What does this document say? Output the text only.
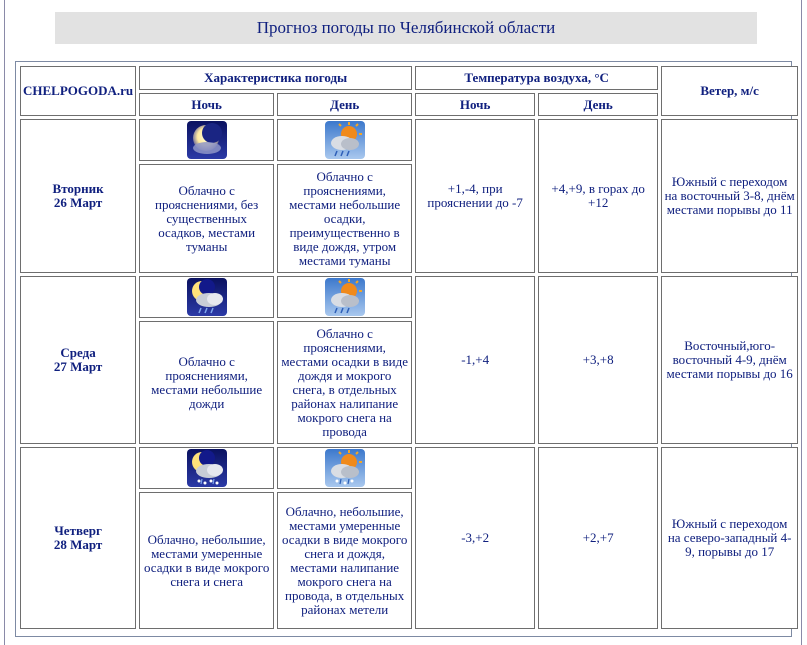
Прогноз погоды по Челябинской области
CHELPOGODA.ru	Характеристика погоды		Температура воздуха, °C		Ветер, м/с
	Ночь	День	Ночь	День	

Вторник
26 Март			+1,-4, при прояснении до -7	+4,+9, в горах до +12	Южный с переходом на восточный 3-8, днём местами порывы до 11
	Облачно с прояснениями, без существенных осадков, местами туманы	Облачно с прояснениями, местами небольшие осадки, преимущественно в виде дождя, утром местами туманы			

Среда
27 Март			-1,+4	+3,+8	Восточный,юго-восточный 4-9, днём местами порывы до 16
	Облачно с прояснениями, местами небольшие дожди	Облачно с прояснениями, местами осадки в виде дождя и мокрого снега, в отдельных районах налипание мокрого снега на провода			

Четверг
28 Март			-3,+2	+2,+7	Южный с переходом на северо-западный 4-9, порывы до 17
	Облачно, небольшие, местами умеренные осадки в виде мокрого снега и снега	Облачно, небольшие, местами умеренные осадки в виде мокрого снега и дождя, местами налипание мокрого снега на провода, в отдельных районах метели			
